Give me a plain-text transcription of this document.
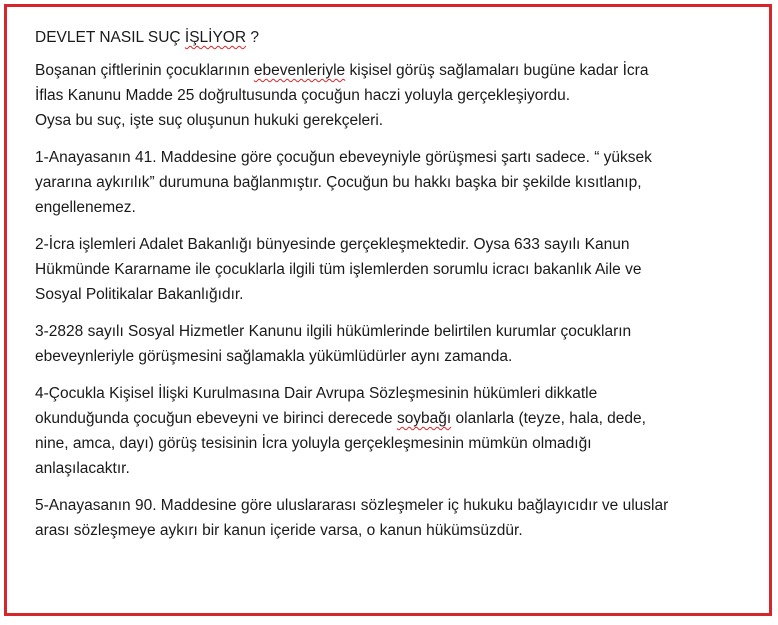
DEVLET NASIL SUÇ İŞLİYOR ?
Boşanan çiftlerinin çocuklarının ebevenleriyle kişisel görüş sağlamaları bugüne kadar İcra
İflas Kanunu Madde 25 doğrultusunda çocuğun haczi yoluyla gerçekleşiyordu.
Oysa bu suç, işte suç oluşunun hukuki gerekçeleri.
1-Anayasanın 41. Maddesine göre çocuğun ebeveyniyle görüşmesi şartı sadece. “ yüksek
yararına aykırılık” durumuna bağlanmıştır. Çocuğun bu hakkı başka bir şekilde kısıtlanıp,
engellenemez.
2-İcra işlemleri Adalet Bakanlığı bünyesinde gerçekleşmektedir. Oysa 633 sayılı Kanun
Hükmünde Kararname ile çocuklarla ilgili tüm işlemlerden sorumlu icracı bakanlık Aile ve
Sosyal Politikalar Bakanlığıdır.
3-2828 sayılı Sosyal Hizmetler Kanunu ilgili hükümlerinde belirtilen kurumlar çocukların
ebeveynleriyle görüşmesini sağlamakla yükümlüdürler aynı zamanda.
4-Çocukla Kişisel İlişki Kurulmasına Dair Avrupa Sözleşmesinin hükümleri dikkatle
okunduğunda çocuğun ebeveyni ve birinci derecede soybağı olanlarla (teyze, hala, dede,
nine, amca, dayı) görüş tesisinin İcra yoluyla gerçekleşmesinin mümkün olmadığı
anlaşılacaktır.
5-Anayasanın 90. Maddesine göre uluslararası sözleşmeler iç hukuku bağlayıcıdır ve uluslar
arası sözleşmeye aykırı bir kanun içeride varsa, o kanun hükümsüzdür.
